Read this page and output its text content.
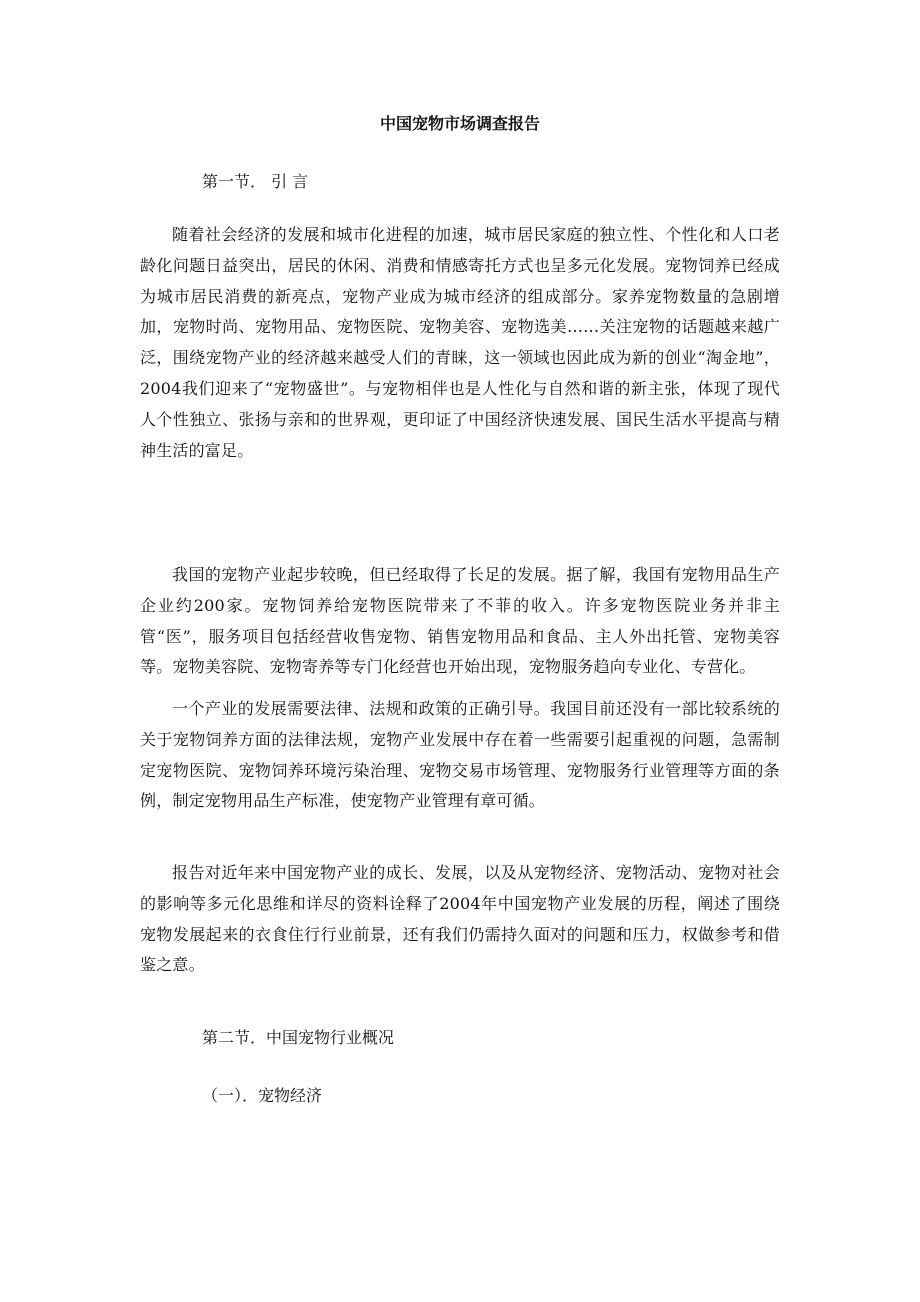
中国宠物市场调查报告

第一节． 引 言

随着社会经济的发展和城市化进程的加速，城市居民家庭的独立性、个性化和人口老龄化问题日益突出，居民的休闲、消费和情感寄托方式也呈多元化发展。宠物饲养已经成为城市居民消费的新亮点，宠物产业成为城市经济的组成部分。家养宠物数量的急剧增加，宠物时尚、宠物用品、宠物医院、宠物美容、宠物选美……关注宠物的话题越来越广泛，围绕宠物产业的经济越来越受人们的青睐，这一领域也因此成为新的创业“淘金地”，2004我们迎来了“宠物盛世”。与宠物相伴也是人性化与自然和谐的新主张，体现了现代人个性独立、张扬与亲和的世界观，更印证了中国经济快速发展、国民生活水平提高与精神生活的富足。

我国的宠物产业起步较晚，但已经取得了长足的发展。据了解，我国有宠物用品生产企业约200家。宠物饲养给宠物医院带来了不菲的收入。许多宠物医院业务并非主管“医”，服务项目包括经营收售宠物、销售宠物用品和食品、主人外出托管、宠物美容等。宠物美容院、宠物寄养等专门化经营也开始出现，宠物服务趋向专业化、专营化。

一个产业的发展需要法律、法规和政策的正确引导。我国目前还没有一部比较系统的关于宠物饲养方面的法律法规，宠物产业发展中存在着一些需要引起重视的问题，急需制定宠物医院、宠物饲养环境污染治理、宠物交易市场管理、宠物服务行业管理等方面的条例，制定宠物用品生产标准，使宠物产业管理有章可循。

报告对近年来中国宠物产业的成长、发展，以及从宠物经济、宠物活动、宠物对社会的影响等多元化思维和详尽的资料诠释了2004年中国宠物产业发展的历程，阐述了围绕宠物发展起来的衣食住行行业前景，还有我们仍需持久面对的问题和压力，权做参考和借鉴之意。

第二节．中国宠物行业概况

（一）．宠物经济
